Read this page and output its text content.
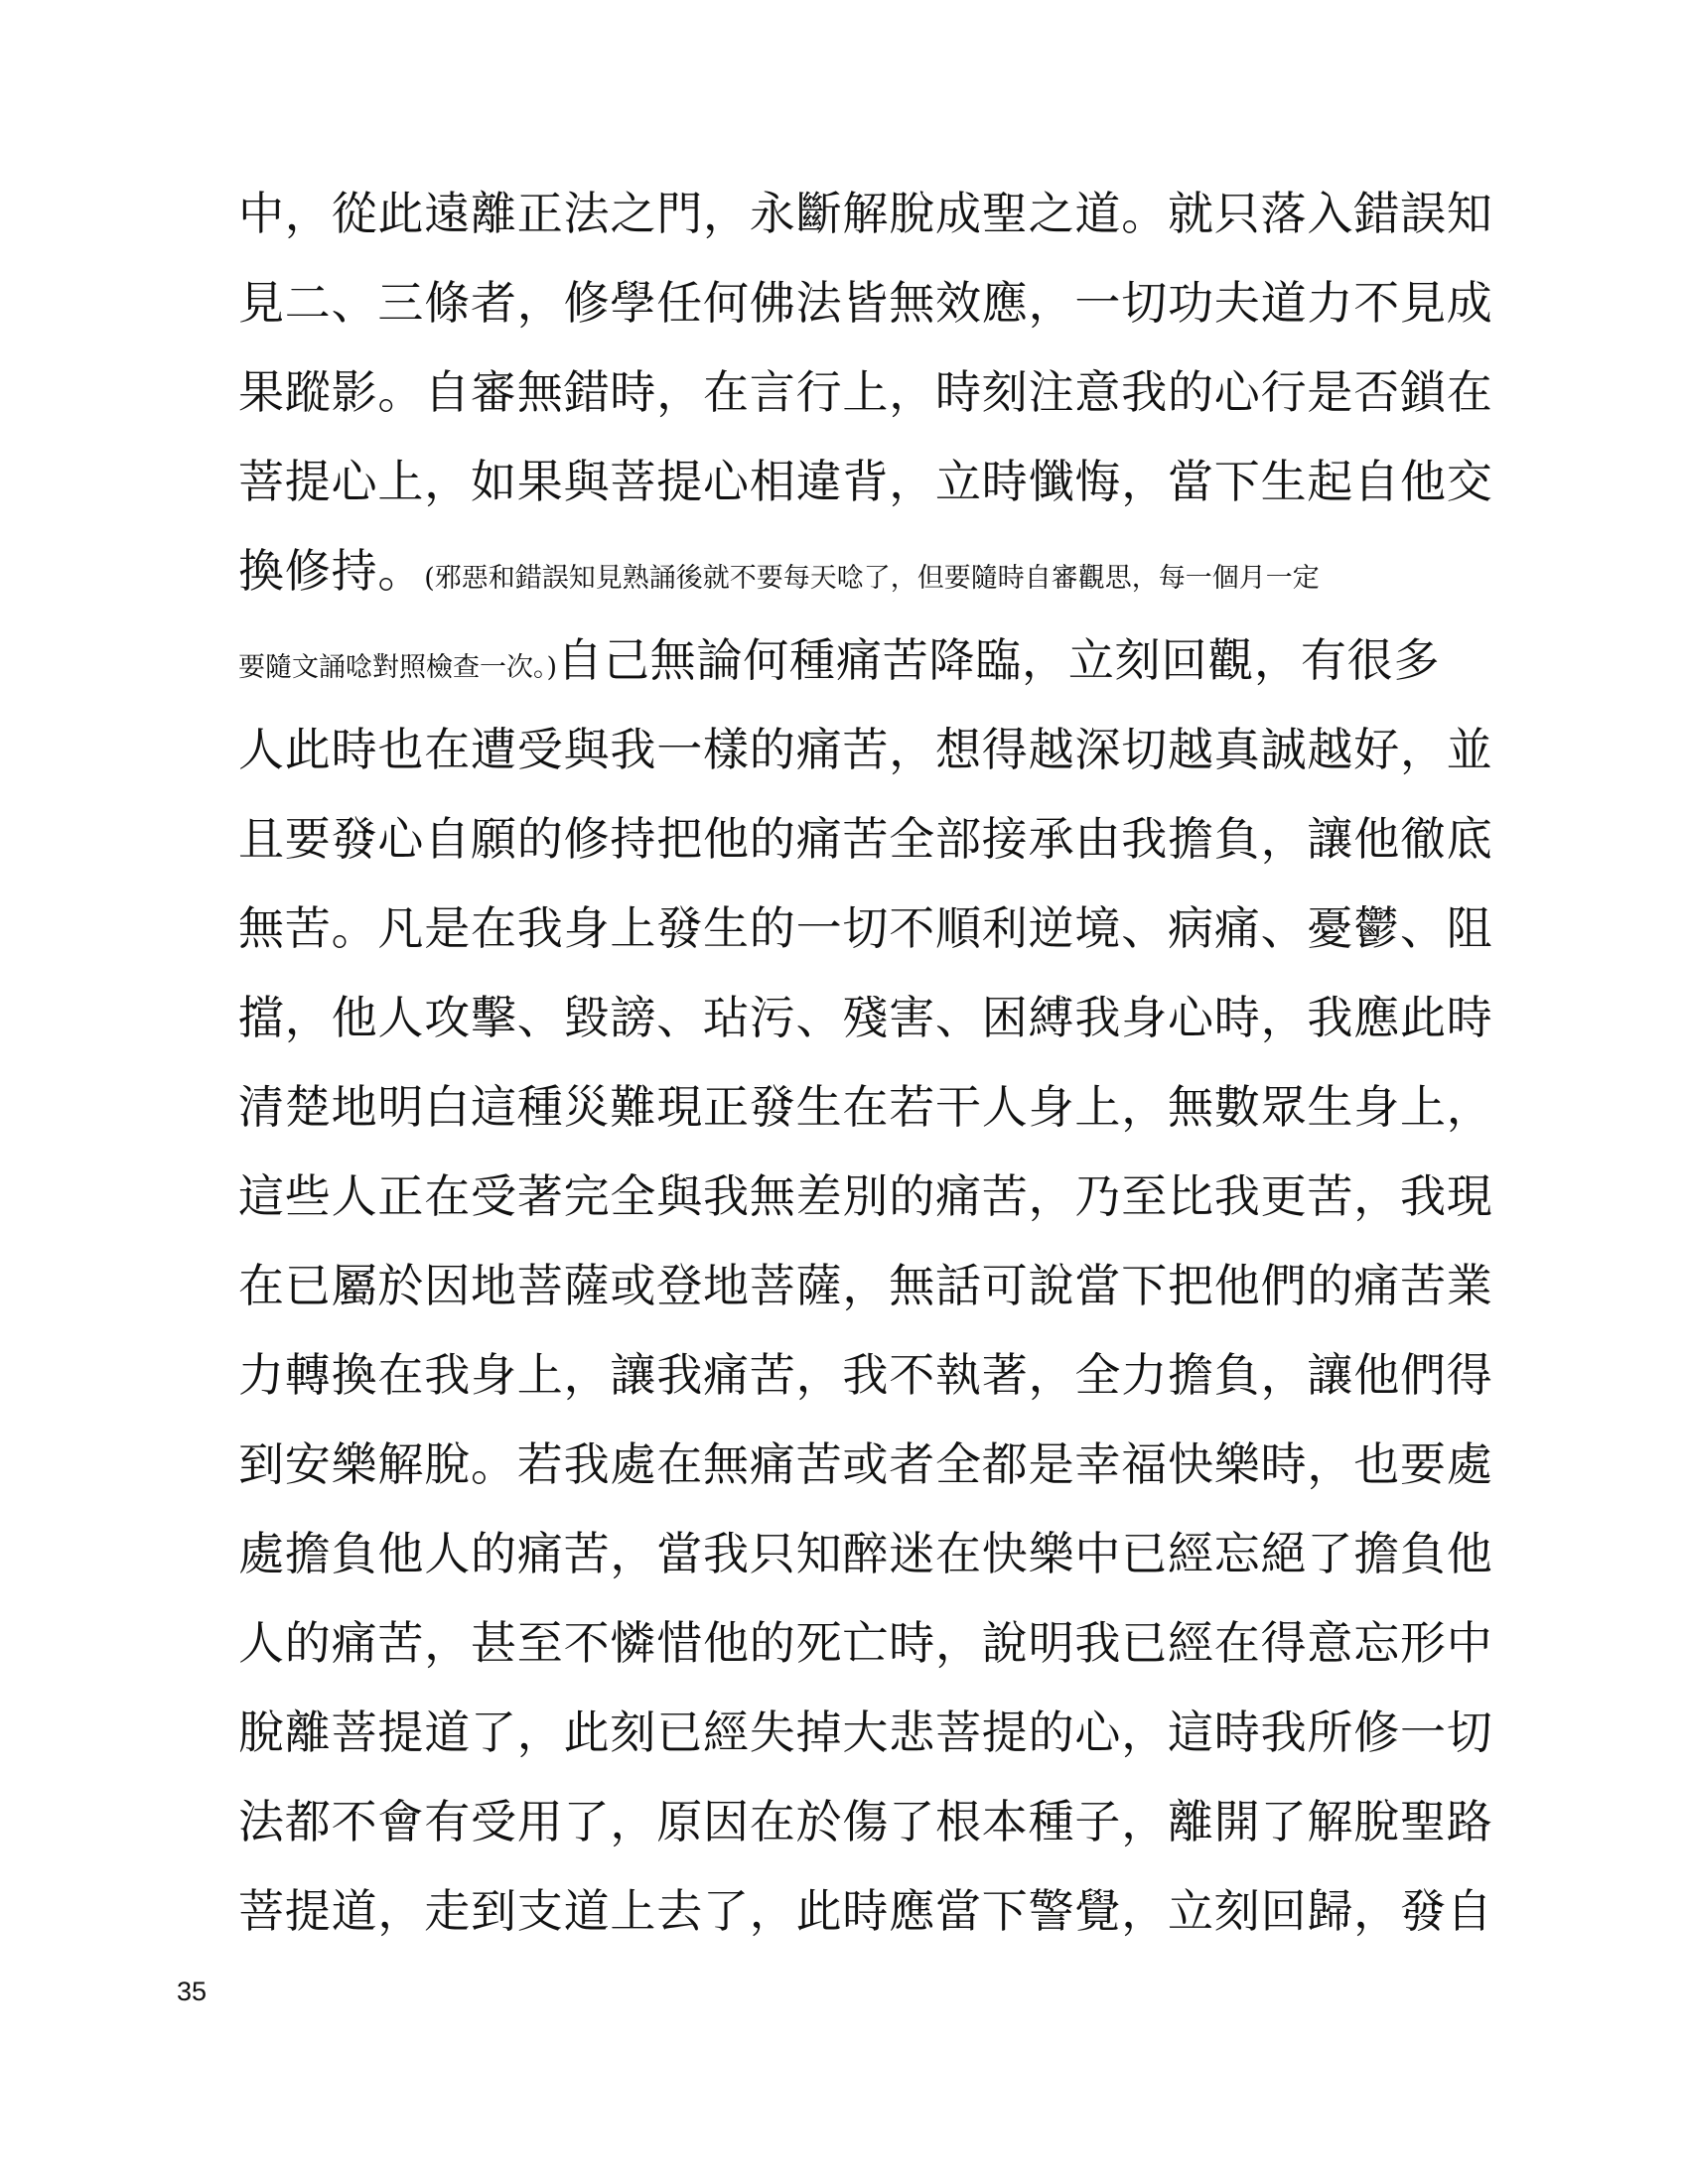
中，從此遠離正法之門，永斷解脫成聖之道。就只落入錯誤知
見二、三條者，修學任何佛法皆無效應，一切功夫道力不見成
果蹤影。自審無錯時，在言行上，時刻注意我的心行是否鎖在
菩提心上，如果與菩提心相違背，立時懺悔，當下生起自他交
換修持。(邪惡和錯誤知見熟誦後就不要每天唸了，但要隨時自審觀思，每一個月一定
要隨文誦唸對照檢查一次。)自己無論何種痛苦降臨，立刻回觀，有很多
人此時也在遭受與我一樣的痛苦，想得越深切越真誠越好，並
且要發心自願的修持把他的痛苦全部接承由我擔負，讓他徹底
無苦。凡是在我身上發生的一切不順利逆境、病痛、憂鬱、阻
擋，他人攻擊、毀謗、玷污、殘害、困縛我身心時，我應此時
清楚地明白這種災難現正發生在若干人身上，無數眾生身上，
這些人正在受著完全與我無差別的痛苦，乃至比我更苦，我現
在已屬於因地菩薩或登地菩薩，無話可說當下把他們的痛苦業
力轉換在我身上，讓我痛苦，我不執著，全力擔負，讓他們得
到安樂解脫。若我處在無痛苦或者全都是幸福快樂時，也要處
處擔負他人的痛苦，當我只知醉迷在快樂中已經忘絕了擔負他
人的痛苦，甚至不憐惜他的死亡時，說明我已經在得意忘形中
脫離菩提道了，此刻已經失掉大悲菩提的心，這時我所修一切
法都不會有受用了，原因在於傷了根本種子，離開了解脫聖路
菩提道，走到支道上去了，此時應當下警覺，立刻回歸，發自
35
